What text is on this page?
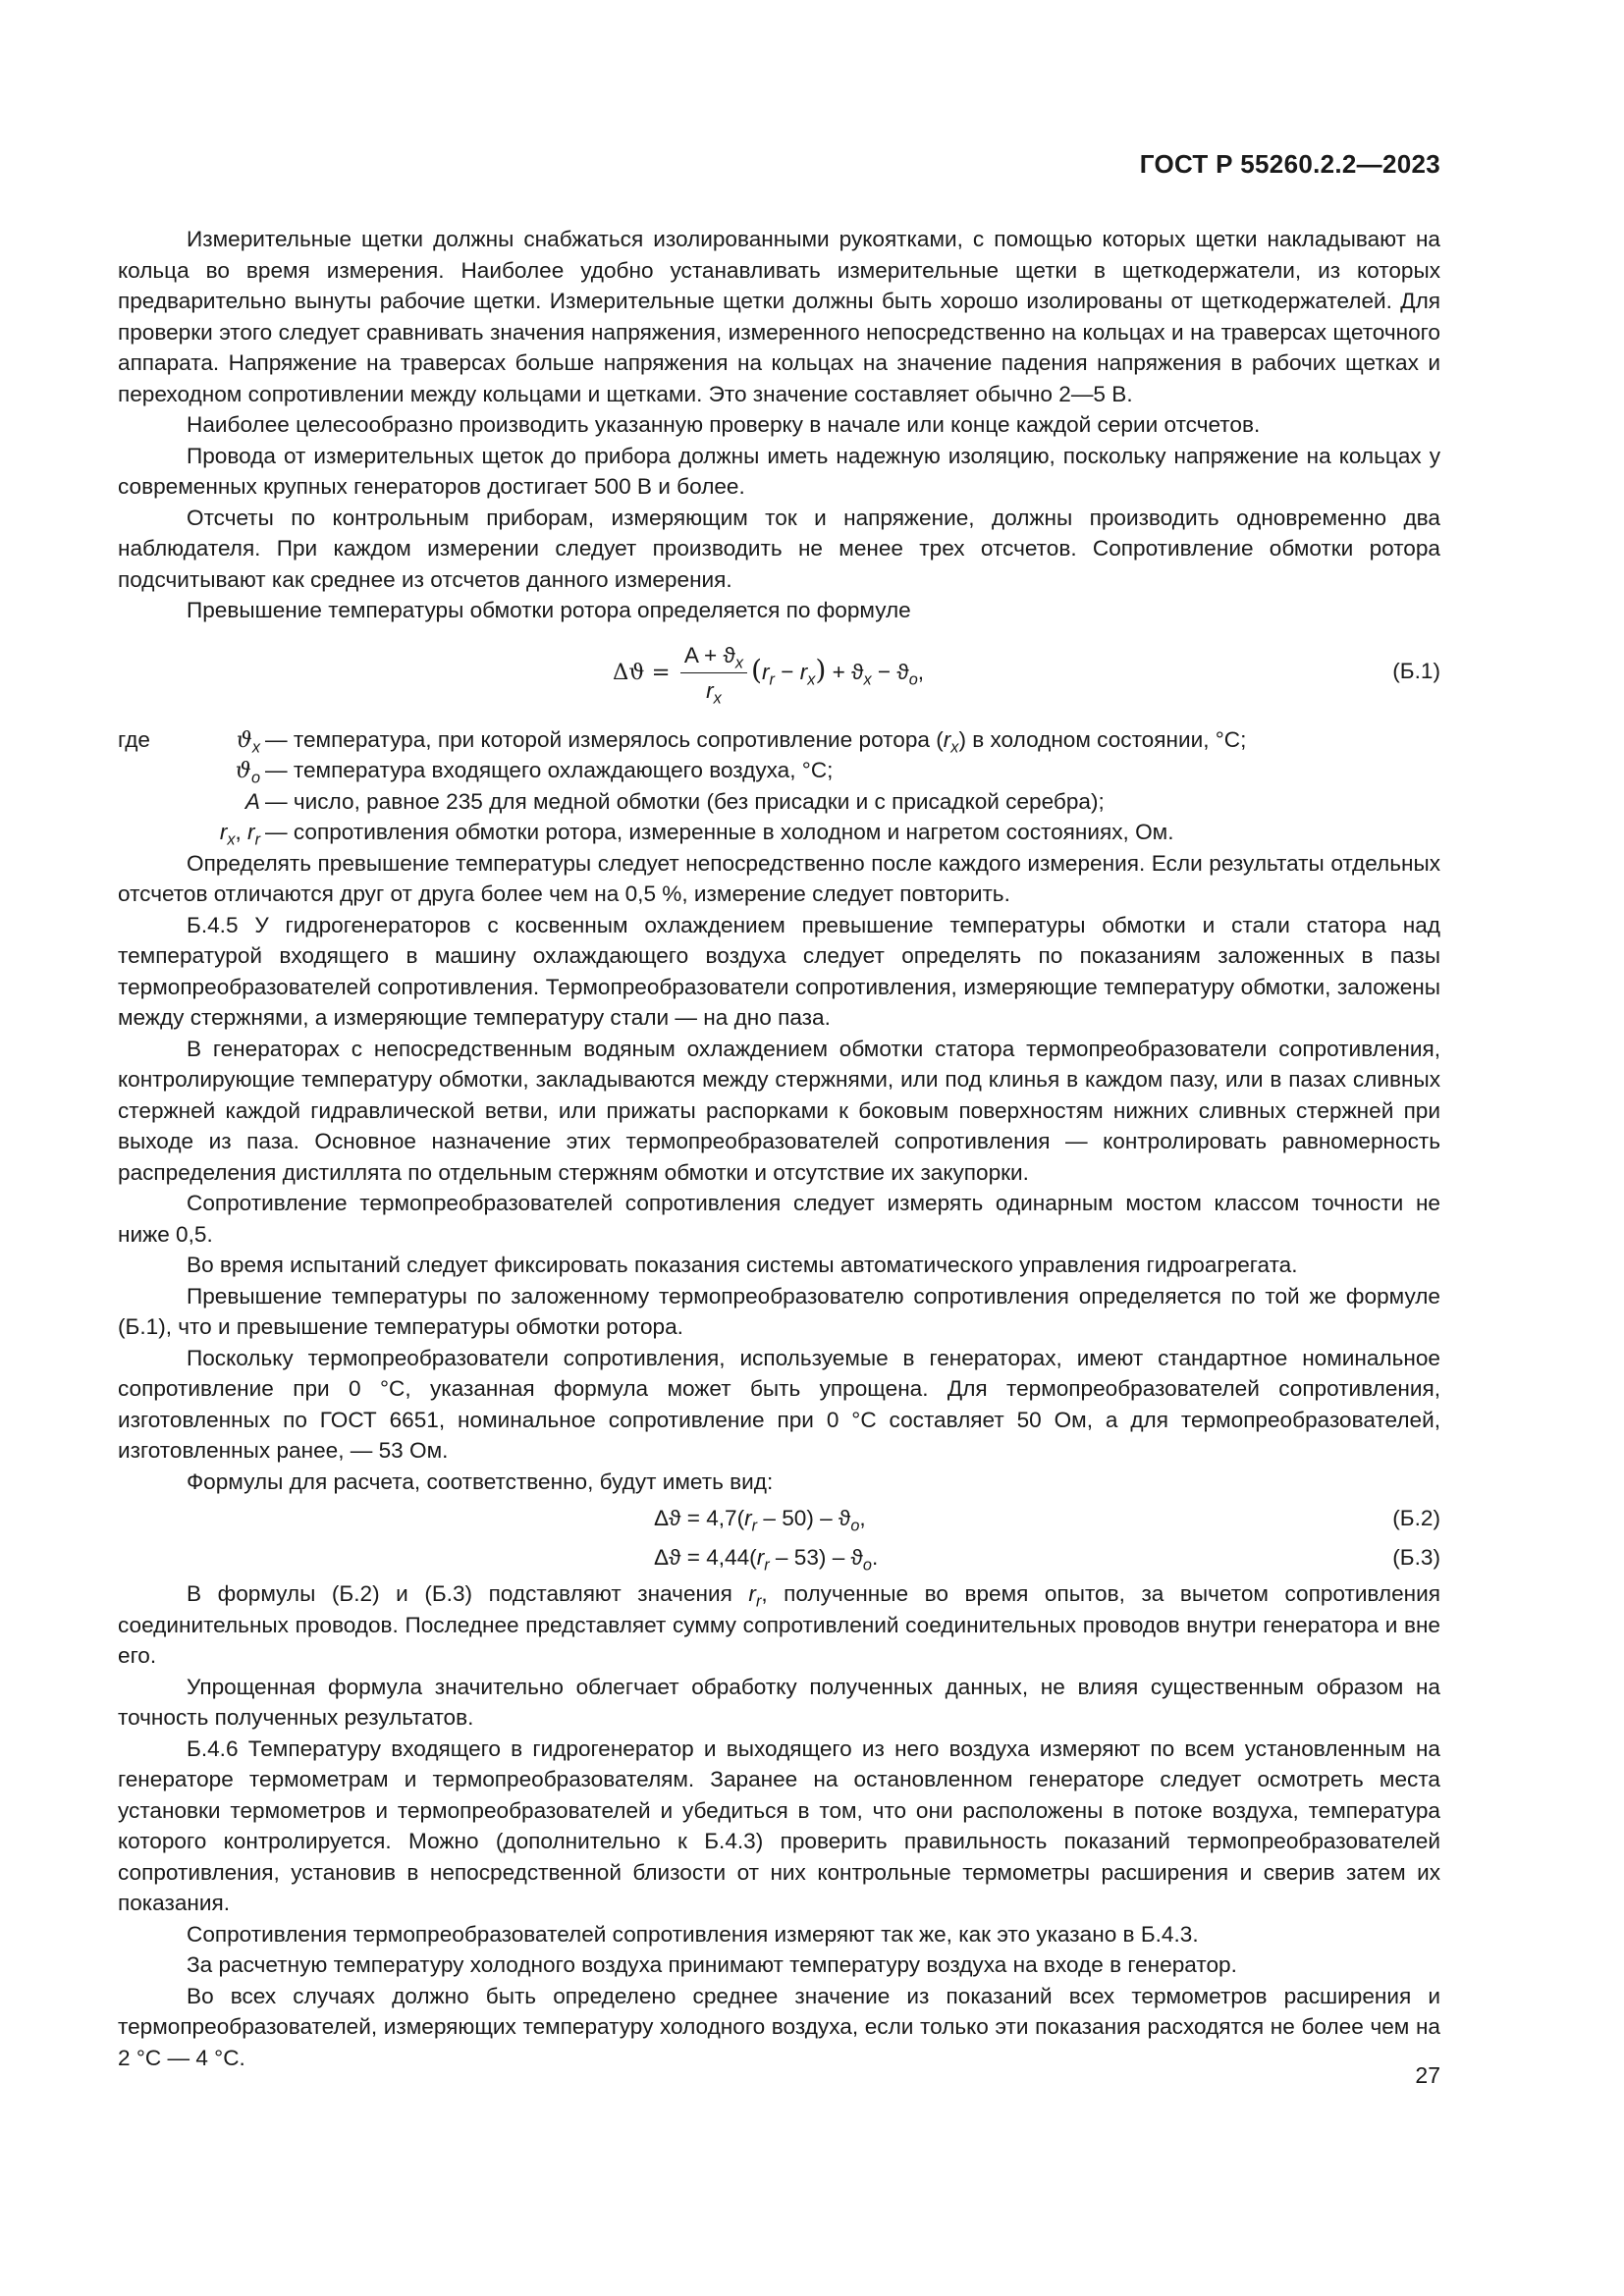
ГОСТ Р 55260.2.2—2023

Измерительные щетки должны снабжаться изолированными рукоятками, с помощью которых щетки накладывают на кольца во время измерения. Наиболее удобно устанавливать измерительные щетки в щеткодержатели, из которых предварительно вынуты рабочие щетки. Измерительные щетки должны быть хорошо изолированы от щеткодержателей. Для проверки этого следует сравнивать значения напряжения, измеренного непосредственно на кольцах и на траверсах щеточного аппарата. Напряжение на траверсах больше напряжения на кольцах на значение падения напряжения в рабочих щетках и переходном сопротивлении между кольцами и щетками. Это значение составляет обычно 2—5 В.

Наиболее целесообразно производить указанную проверку в начале или конце каждой серии отсчетов.

Провода от измерительных щеток до прибора должны иметь надежную изоляцию, поскольку напряжение на кольцах у современных крупных генераторов достигает 500 В и более.

Отсчеты по контрольным приборам, измеряющим ток и напряжение, должны производить одновременно два наблюдателя. При каждом измерении следует производить не менее трех отсчетов. Сопротивление обмотки ротора подсчитывают как среднее из отсчетов данного измерения.

Превышение температуры обмотки ротора определяется по формуле

$\Delta ϑ = \frac{A + ϑ_x}{r_x} (r_r - r_x) + ϑ_x - ϑ_o$,	(Б.1)
где	$ϑ_x$ — температура, при которой измерялось сопротивление ротора $(r_x)$ в холодном состоянии, °С;
$ϑ_o$ — температура входящего охлаждающего воздуха, °С;
A — число, равное 235 для медной обмотки (без присадки и с присадкой серебра);
$r_x$, $r_r$ — сопротивления обмотки ротора, измеренные в холодном и нагретом состояниях, Ом.

Определять превышение температуры следует непосредственно после каждого измерения. Если результаты отдельных отсчетов отличаются друг от друга более чем на 0,5 %, измерение следует повторить.

Б.4.5 У гидрогенераторов с косвенным охлаждением превышение температуры обмотки и стали статора над температурой входящего в машину охлаждающего воздуха следует определять по показаниям заложенных в пазы термопреобразователей сопротивления. Термопреобразователи сопротивления, измеряющие температуру обмотки, заложены между стержнями, а измеряющие температуру стали — на дно паза.

В генераторах с непосредственным водяным охлаждением обмотки статора термопреобразователи сопротивления, контролирующие температуру обмотки, закладываются между стержнями, или под клинья в каждом пазу, или в пазах сливных стержней каждой гидравлической ветви, или прижаты распорками к боковым поверхностям нижних сливных стержней при выходе из паза. Основное назначение этих термопреобразователей сопротивления — контролировать равномерность распределения дистиллята по отдельным стержням обмотки и отсутствие их закупорки.

Сопротивление термопреобразователей сопротивления следует измерять одинарным мостом классом точности не ниже 0,5.

Во время испытаний следует фиксировать показания системы автоматического управления гидроагрегата.

Превышение температуры по заложенному термопреобразователю сопротивления определяется по той же формуле (Б.1), что и превышение температуры обмотки ротора.

Поскольку термопреобразователи сопротивления, используемые в генераторах, имеют стандартное номинальное сопротивление при 0 °С, указанная формула может быть упрощена. Для термопреобразователей сопротивления, изготовленных по ГОСТ 6651, номинальное сопротивление при 0 °С составляет 50 Ом, а для термопреобразователей, изготовленных ранее, — 53 Ом.

Формулы для расчета, соответственно, будут иметь вид:

$\Delta ϑ = 4,7(r_r - 50) - ϑ_o$,	(Б.2)
$\Delta ϑ = 4,44(r_r - 53) - ϑ_o$.	(Б.3)

В формулы (Б.2) и (Б.3) подставляют значения $r_r$, полученные во время опытов, за вычетом сопротивления соединительных проводов. Последнее представляет сумму сопротивлений соединительных проводов внутри генератора и вне его.

Упрощенная формула значительно облегчает обработку полученных данных, не влияя существенным образом на точность полученных результатов.

Б.4.6 Температуру входящего в гидрогенератор и выходящего из него воздуха измеряют по всем установленным на генераторе термометрам и термопреобразователям. Заранее на остановленном генераторе следует осмотреть места установки термометров и термопреобразователей и убедиться в том, что они расположены в потоке воздуха, температура которого контролируется. Можно (дополнительно к Б.4.3) проверить правильность показаний термопреобразователей сопротивления, установив в непосредственной близости от них контрольные термометры расширения и сверив затем их показания.

Сопротивления термопреобразователей сопротивления измеряют так же, как это указано в Б.4.3.

За расчетную температуру холодного воздуха принимают температуру воздуха на входе в генератор.

Во всех случаях должно быть определено среднее значение из показаний всех термометров расширения и термопреобразователей, измеряющих температуру холодного воздуха, если только эти показания расходятся не более чем на 2 °С — 4 °С.

27
